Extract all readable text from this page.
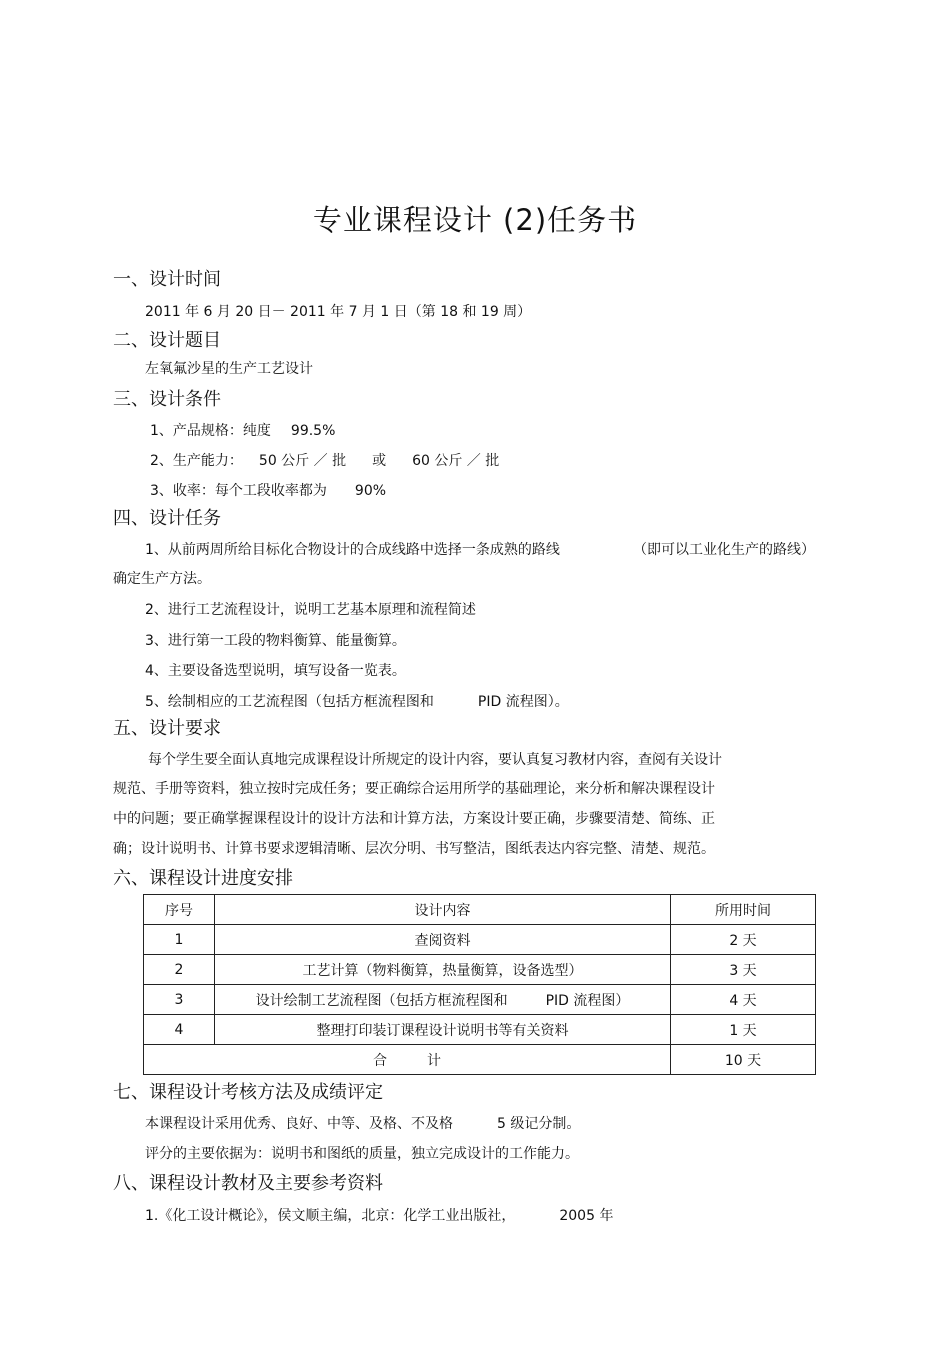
专业课程设计 (2)任务书
一、设计时间
2011 年 6 月 20 日－ 2011 年 7 月 1 日（第 18 和 19 周）
二、设计题目
左氧氟沙星的生产工艺设计
三、设计条件
1、产品规格：纯度 99.5%
2、生产能力： 50 公斤 ／ 批 或 60 公斤 ／ 批
3、收率：每个工段收率都为 90%
四、设计任务
1、从前两周所给目标化合物设计的合成线路中选择一条成熟的路线	（即可以工业化生产的路线）
确定生产方法。
2、进行工艺流程设计，说明工艺基本原理和流程简述
3、进行第一工段的物料衡算、能量衡算。
4、主要设备选型说明，填写设备一览表。
5、绘制相应的工艺流程图（包括方框流程图和	PID 流程图）。
五、设计要求
每个学生要全面认真地完成课程设计所规定的设计内容，要认真复习教材内容，查阅有关设计
规范、手册等资料，独立按时完成任务；要正确综合运用所学的基础理论，来分析和解决课程设计
中的问题；要正确掌握课程设计的设计方法和计算方法，方案设计要正确，步骤要清楚、简练、正
确；设计说明书、计算书要求逻辑清晰、层次分明、书写整洁，图纸表达内容完整、清楚、规范。
六、课程设计进度安排
序号	设计内容	所用时间
1	查阅资料	2 天
2	工艺计算（物料衡算，热量衡算，设备选型）	3 天
3	设计绘制工艺流程图（包括方框流程图和 PID 流程图）	4 天
4	整理打印装订课程设计说明书等有关资料	1 天
合 计		10 天
七、课程设计考核方法及成绩评定
本课程设计采用优秀、良好、中等、及格、不及格	5 级记分制。
评分的主要依据为：说明书和图纸的质量，独立完成设计的工作能力。
八、课程设计教材及主要参考资料
1.《化工设计概论》，侯文顺主编，北京：化学工业出版社，	2005 年
